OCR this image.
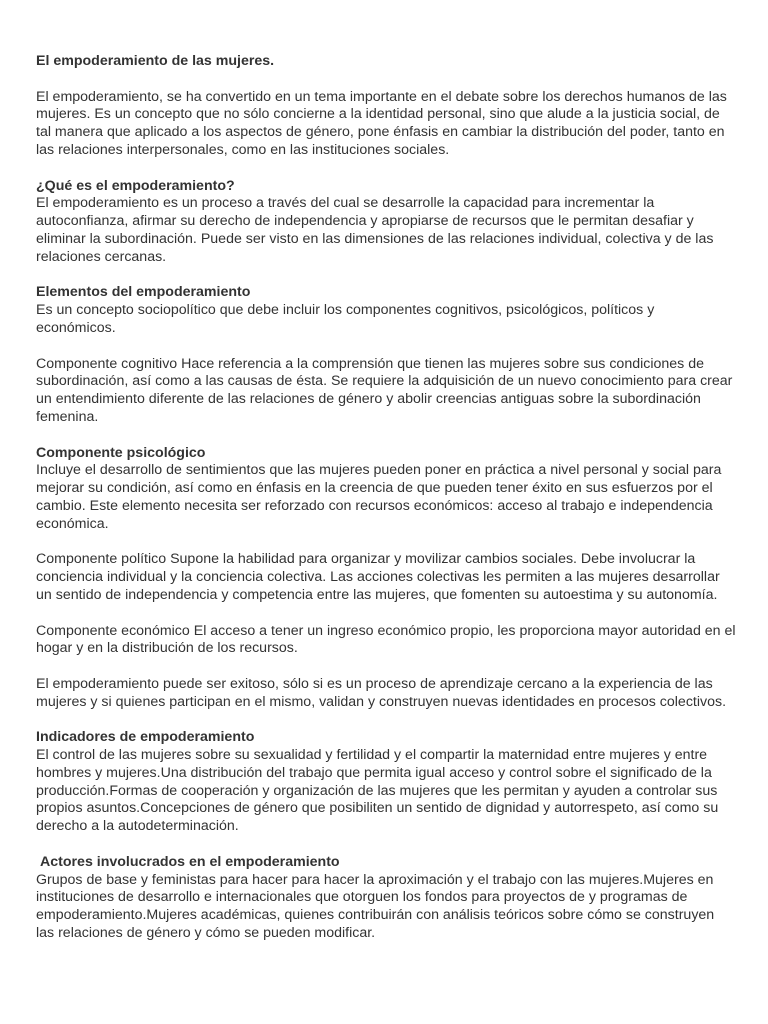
El empoderamiento de las mujeres.

El empoderamiento, se ha convertido en un tema importante en el debate sobre los derechos humanos de las mujeres. Es un concepto que no sólo concierne a la identidad personal, sino que alude a la justicia social, de tal manera que aplicado a los aspectos de género, pone énfasis en cambiar la distribución del poder, tanto en las relaciones interpersonales, como en las instituciones sociales.

¿Qué es el empoderamiento?
El empoderamiento es un proceso a través del cual se desarrolle la capacidad para incrementar la autoconfianza, afirmar su derecho de independencia y apropiarse de recursos que le permitan desafiar y eliminar la subordinación. Puede ser visto en las dimensiones de las relaciones individual, colectiva y de las relaciones cercanas.

Elementos del empoderamiento
Es un concepto sociopolítico que debe incluir los componentes cognitivos, psicológicos, políticos y económicos.

Componente cognitivo Hace referencia a la comprensión que tienen las mujeres sobre sus condiciones de subordinación, así como a las causas de ésta. Se requiere la adquisición de un nuevo conocimiento para crear un entendimiento diferente de las relaciones de género y abolir creencias antiguas sobre la subordinación femenina.

Componente psicológico
Incluye el desarrollo de sentimientos que las mujeres pueden poner en práctica a nivel personal y social para mejorar su condición, así como en énfasis en la creencia de que pueden tener éxito en sus esfuerzos por el cambio. Este elemento necesita ser reforzado con recursos económicos: acceso al trabajo e independencia económica.

Componente político Supone la habilidad para organizar y movilizar cambios sociales. Debe involucrar la conciencia individual y la conciencia colectiva. Las acciones colectivas les permiten a las mujeres desarrollar un sentido de independencia y competencia entre las mujeres, que fomenten su autoestima y su autonomía.

Componente económico El acceso a tener un ingreso económico propio, les proporciona mayor autoridad en el hogar y en la distribución de los recursos.

El empoderamiento puede ser exitoso, sólo si es un proceso de aprendizaje cercano a la experiencia de las mujeres y si quienes participan en el mismo, validan y construyen nuevas identidades en procesos colectivos.

Indicadores de empoderamiento
El control de las mujeres sobre su sexualidad y fertilidad y el compartir la maternidad entre mujeres y entre hombres y mujeres.Una distribución del trabajo que permita igual acceso y control sobre el significado de la producción.Formas de cooperación y organización de las mujeres que les permitan y ayuden a controlar sus propios asuntos.Concepciones de género que posibiliten un sentido de dignidad y autorrespeto, así como su derecho a la autodeterminación.

Actores involucrados en el empoderamiento
Grupos de base y feministas para hacer para hacer la aproximación y el trabajo con las mujeres.Mujeres en instituciones de desarrollo e internacionales que otorguen los fondos para proyectos de y programas de empoderamiento.Mujeres académicas, quienes contribuirán con análisis teóricos sobre cómo se construyen las relaciones de género y cómo se pueden modificar.
